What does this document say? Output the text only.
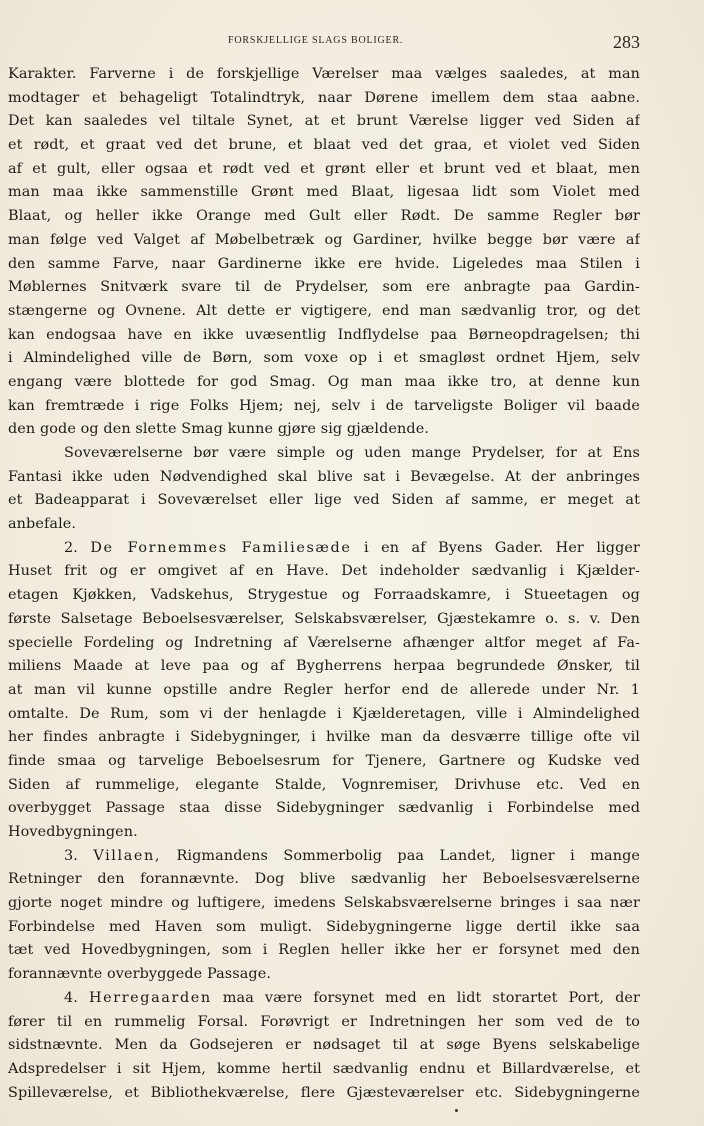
FORSKJELLIGE SLAGS BOLIGER.	283
Karakter. Farverne i de forskjellige Værelser maa vælges saaledes, at man
modtager et behageligt Totalindtryk, naar Dørene imellem dem staa aabne.
Det kan saaledes vel tiltale Synet, at et brunt Værelse ligger ved Siden af
et rødt, et graat ved det brune, et blaat ved det graa, et violet ved Siden
af et gult, eller ogsaa et rødt ved et grønt eller et brunt ved et blaat, men
man maa ikke sammenstille Grønt med Blaat, ligesaa lidt som Violet med
Blaat, og heller ikke Orange med Gult eller Rødt. De samme Regler bør
man følge ved Valget af Møbelbetræk og Gardiner, hvilke begge bør være af
den samme Farve, naar Gardinerne ikke ere hvide. Ligeledes maa Stilen i
Møblernes Snitværk svare til de Prydelser, som ere anbragte paa Gardin-
stængerne og Ovnene. Alt dette er vigtigere, end man sædvanlig tror, og det
kan endogsaa have en ikke uvæsentlig Indflydelse paa Børneopdragelsen; thi
i Almindelighed ville de Børn, som voxe op i et smagløst ordnet Hjem, selv
engang være blottede for god Smag. Og man maa ikke tro, at denne kun
kan fremtræde i rige Folks Hjem; nej, selv i de tarveligste Boliger vil baade
den gode og den slette Smag kunne gjøre sig gjældende.
Soveværelserne bør være simple og uden mange Prydelser, for at Ens
Fantasi ikke uden Nødvendighed skal blive sat i Bevægelse. At der anbringes
et Badeapparat i Soveværelset eller lige ved Siden af samme, er meget at
anbefale.
2. De Fornemmes Familiesæde i en af Byens Gader. Her ligger
Huset frit og er omgivet af en Have. Det indeholder sædvanlig i Kjælder-
etagen Kjøkken, Vadskehus, Strygestue og Forraadskamre, i Stueetagen og
første Salsetage Beboelsesværelser, Selskabsværelser, Gjæstekamre o. s. v. Den
specielle Fordeling og Indretning af Værelserne afhænger altfor meget af Fa-
miliens Maade at leve paa og af Bygherrens herpaa begrundede Ønsker, til
at man vil kunne opstille andre Regler herfor end de allerede under Nr. 1
omtalte. De Rum, som vi der henlagde i Kjælderetagen, ville i Almindelighed
her findes anbragte i Sidebygninger, i hvilke man da desværre tillige ofte vil
finde smaa og tarvelige Beboelsesrum for Tjenere, Gartnere og Kudske ved
Siden af rummelige, elegante Stalde, Vognremiser, Drivhuse etc. Ved en
overbygget Passage staa disse Sidebygninger sædvanlig i Forbindelse med
Hovedbygningen.
3. Villaen, Rigmandens Sommerbolig paa Landet, ligner i mange
Retninger den forannævnte. Dog blive sædvanlig her Beboelsesværelserne
gjorte noget mindre og luftigere, imedens Selskabsværelserne bringes i saa nær
Forbindelse med Haven som muligt. Sidebygningerne ligge dertil ikke saa
tæt ved Hovedbygningen, som i Reglen heller ikke her er forsynet med den
forannævnte overbyggede Passage.
4. Herregaarden maa være forsynet med en lidt storartet Port, der
fører til en rummelig Forsal. Forøvrigt er Indretningen her som ved de to
sidstnævnte. Men da Godsejeren er nødsaget til at søge Byens selskabelige
Adspredelser i sit Hjem, komme hertil sædvanlig endnu et Billardværelse, et
Spilleværelse, et Bibliothekværelse, flere Gjæsteværelser etc. Sidebygningerne
